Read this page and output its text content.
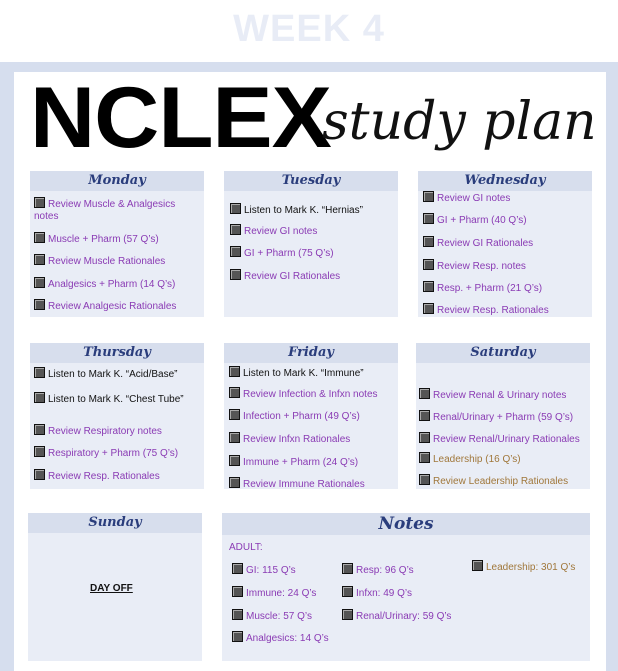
WEEK 4
NCLEX
study plan
Monday
Review Muscle & Analgesics notes
Muscle + Pharm (57 Q’s)
Review Muscle Rationales
Analgesics + Pharm (14 Q’s)
Review Analgesic Rationales
Tuesday
Listen to Mark K. “Hernias”
Review GI notes
GI + Pharm (75 Q’s)
Review GI Rationales
Wednesday
Review GI notes
GI + Pharm (40 Q’s)
Review GI Rationales
Review Resp. notes
Resp. + Pharm (21 Q’s)
Review Resp. Rationales
Thursday
Listen to Mark K. “Acid/Base”
Listen to Mark K. “Chest Tube”
Review Respiratory notes
Respiratory + Pharm (75 Q’s)
Review Resp. Rationales
Friday
Listen to Mark K. “Immune”
Review Infection & Infxn notes
Infection + Pharm (49 Q’s)
Review Infxn Rationales
Immune + Pharm (24 Q’s)
Review Immune Rationales
Saturday
Review Renal & Urinary notes
Renal/Urinary + Pharm (59 Q’s)
Review Renal/Urinary Rationales
Leadership (16 Q’s)
Review Leadership Rationales
Sunday
DAY OFF
Notes
ADULT:
GI: 115 Q’s
Immune: 24 Q’s
Muscle: 57 Q’s
Analgesics: 14 Q’s
Resp: 96 Q’s
Infxn: 49 Q’s
Renal/Urinary: 59 Q’s
Leadership: 301 Q’s
